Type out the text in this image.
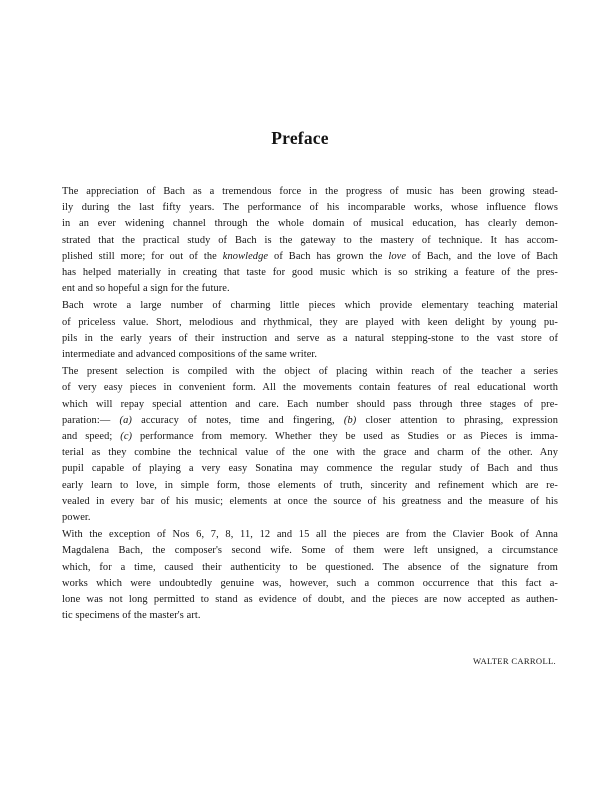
Preface

The appreciation of Bach as a tremendous force in the progress of music has been growing stead-
ily during the last fifty years. The performance of his incomparable works, whose influence flows
in an ever widening channel through the whole domain of musical education, has clearly demon-
strated that the practical study of Bach is the gateway to the mastery of technique. It has accom-
plished still more; for out of the knowledge of Bach has grown the love of Bach, and the love of Bach
has helped materially in creating that taste for good music which is so striking a feature of the pres-
ent and so hopeful a sign for the future.

Bach wrote a large number of charming little pieces which provide elementary teaching material
of priceless value. Short, melodious and rhythmical, they are played with keen delight by young pu-
pils in the early years of their instruction and serve as a natural stepping-stone to the vast store of
intermediate and advanced compositions of the same writer.

The present selection is compiled with the object of placing within reach of the teacher a series
of very easy pieces in convenient form. All the movements contain features of real educational worth
which will repay special attention and care. Each number should pass through three stages of pre-
paration:— (a) accuracy of notes, time and fingering, (b) closer attention to phrasing, expression
and speed; (c) performance from memory. Whether they be used as Studies or as Pieces is imma-
terial as they combine the technical value of the one with the grace and charm of the other. Any
pupil capable of playing a very easy Sonatina may commence the regular study of Bach and thus
early learn to love, in simple form, those elements of truth, sincerity and refinement which are re-
vealed in every bar of his music; elements at once the source of his greatness and the measure of his
power.

With the exception of Nos 6, 7, 8, 11, 12 and 15 all the pieces are from the Clavier Book of Anna
Magdalena Bach, the composer's second wife. Some of them were left unsigned, a circumstance
which, for a time, caused their authenticity to be questioned. The absence of the signature from
works which were undoubtedly genuine was, however, such a common occurrence that this fact a-
lone was not long permitted to stand as evidence of doubt, and the pieces are now accepted as authen-
tic specimens of the master's art.

WALTER CARROLL.
